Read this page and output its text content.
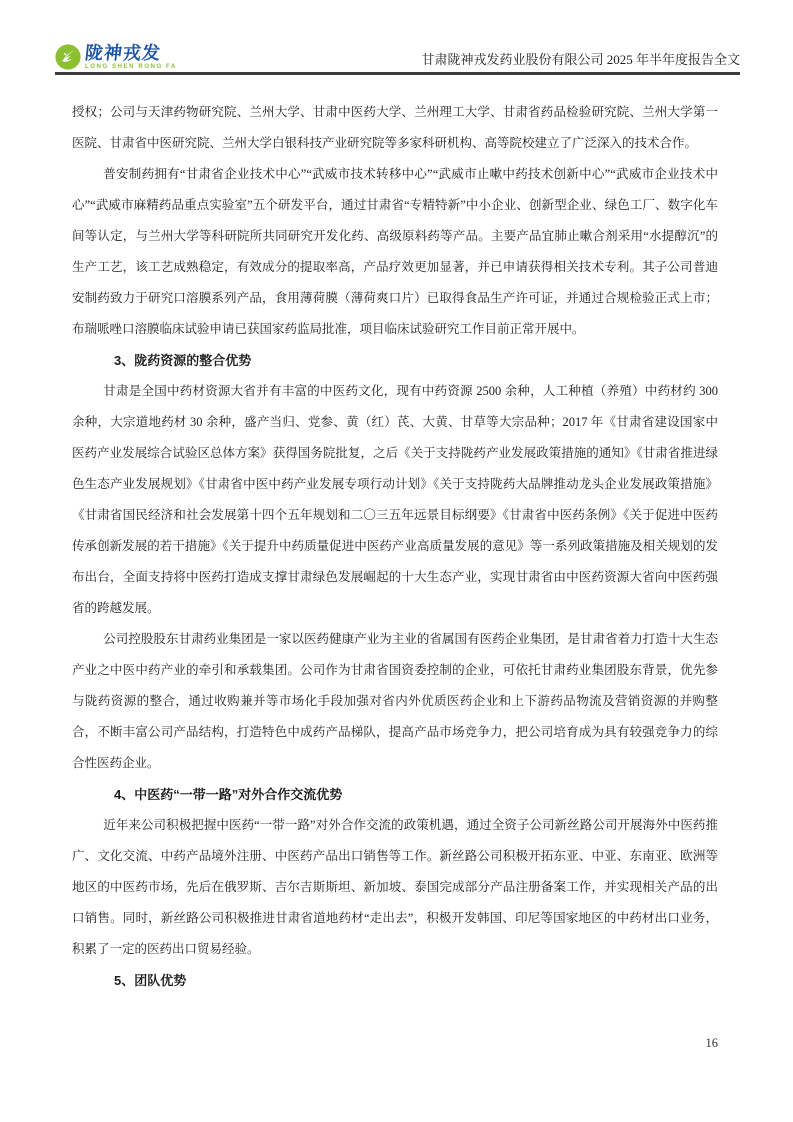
陇神戎发
LONG SHEN RONG FA	甘肃陇神戎发药业股份有限公司 2025 年半年度报告全文
授权；公司与天津药物研究院、兰州大学、甘肃中医药大学、兰州理工大学、甘肃省药品检验研究院、兰州大学第一医院、甘肃省中医研究院、兰州大学白银科技产业研究院等多家科研机构、高等院校建立了广泛深入的技术合作。
普安制药拥有“甘肃省企业技术中心”“武威市技术转移中心”“武威市止嗽中药技术创新中心”“武威市企业技术中心”“武威市麻精药品重点实验室”五个研发平台，通过甘肃省“专精特新”中小企业、创新型企业、绿色工厂、数字化车间等认定，与兰州大学等科研院所共同研究开发化药、高级原料药等产品。主要产品宜肺止嗽合剂采用“水提醇沉”的生产工艺，该工艺成熟稳定，有效成分的提取率高，产品疗效更加显著，并已申请获得相关技术专利。其子公司普迪安制药致力于研究口溶膜系列产品，食用薄荷膜（薄荷爽口片）已取得食品生产许可证，并通过合规检验正式上市；布瑞哌唑口溶膜临床试验申请已获国家药监局批准，项目临床试验研究工作目前正常开展中。
3、陇药资源的整合优势
甘肃是全国中药材资源大省并有丰富的中医药文化，现有中药资源 2500 余种，人工种植（养殖）中药材约 300 余种，大宗道地药材 30 余种，盛产当归、党参、黄（红）芪、大黄、甘草等大宗品种；2017 年《甘肃省建设国家中医药产业发展综合试验区总体方案》获得国务院批复，之后《关于支持陇药产业发展政策措施的通知》《甘肃省推进绿色生态产业发展规划》《甘肃省中医中药产业发展专项行动计划》《关于支持陇药大品牌推动龙头企业发展政策措施》《甘肃省国民经济和社会发展第十四个五年规划和二〇三五年远景目标纲要》《甘肃省中医药条例》《关于促进中医药传承创新发展的若干措施》《关于提升中药质量促进中医药产业高质量发展的意见》等一系列政策措施及相关规划的发布出台，全面支持将中医药打造成支撑甘肃绿色发展崛起的十大生态产业，实现甘肃省由中医药资源大省向中医药强省的跨越发展。
公司控股股东甘肃药业集团是一家以医药健康产业为主业的省属国有医药企业集团，是甘肃省着力打造十大生态产业之中医中药产业的牵引和承载集团。公司作为甘肃省国资委控制的企业，可依托甘肃药业集团股东背景，优先参与陇药资源的整合，通过收购兼并等市场化手段加强对省内外优质医药企业和上下游药品物流及营销资源的并购整合，不断丰富公司产品结构，打造特色中成药产品梯队，提高产品市场竞争力，把公司培育成为具有较强竞争力的综合性医药企业。
4、中医药“一带一路”对外合作交流优势
近年来公司积极把握中医药“一带一路”对外合作交流的政策机遇，通过全资子公司新丝路公司开展海外中医药推广、文化交流、中药产品境外注册、中医药产品出口销售等工作。新丝路公司积极开拓东亚、中亚、东南亚、欧洲等地区的中医药市场，先后在俄罗斯、吉尔吉斯斯坦、新加坡、泰国完成部分产品注册备案工作，并实现相关产品的出口销售。同时，新丝路公司积极推进甘肃省道地药材“走出去”，积极开发韩国、印尼等国家地区的中药材出口业务，积累了一定的医药出口贸易经验。
5、团队优势
16
